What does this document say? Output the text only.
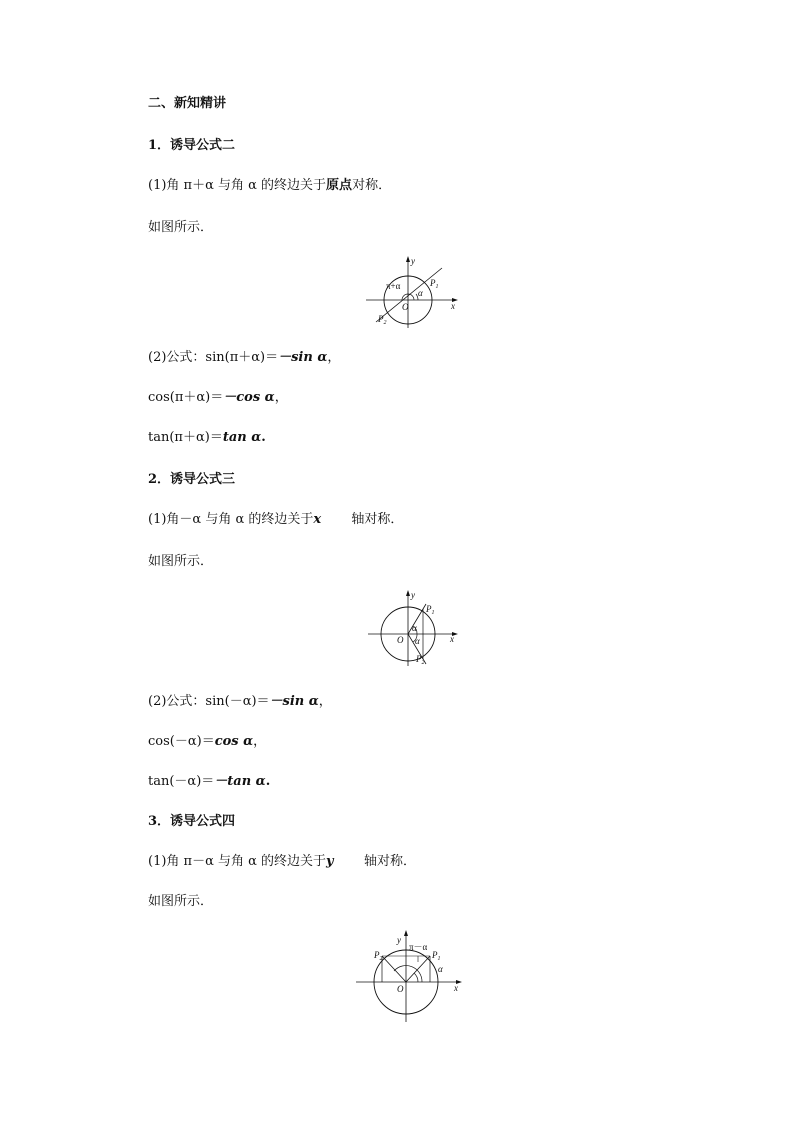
二、新知精讲
1．诱导公式二
(1)角 π＋α 与角 α 的终边关于原点对称．
如图所示．
y
x
O
$P_1$
$P_2$
π+α
α
(2)公式：sin(π＋α)＝－sin α，
cos(π＋α)＝－cos α，
tan(π＋α)＝tan α.
2．诱导公式三
(1)角－α 与角 α 的终边关于x 轴对称．
如图所示．
y
x
O
$P_1$
$P_2$
α
α
(2)公式：sin(－α)＝－sin α，
cos(－α)＝cos α，
tan(－α)＝－tan α.
3．诱导公式四
(1)角 π－α 与角 α 的终边关于y 轴对称．
如图所示．
y
x
O
$P_1$
$P_2$
π－α
α
